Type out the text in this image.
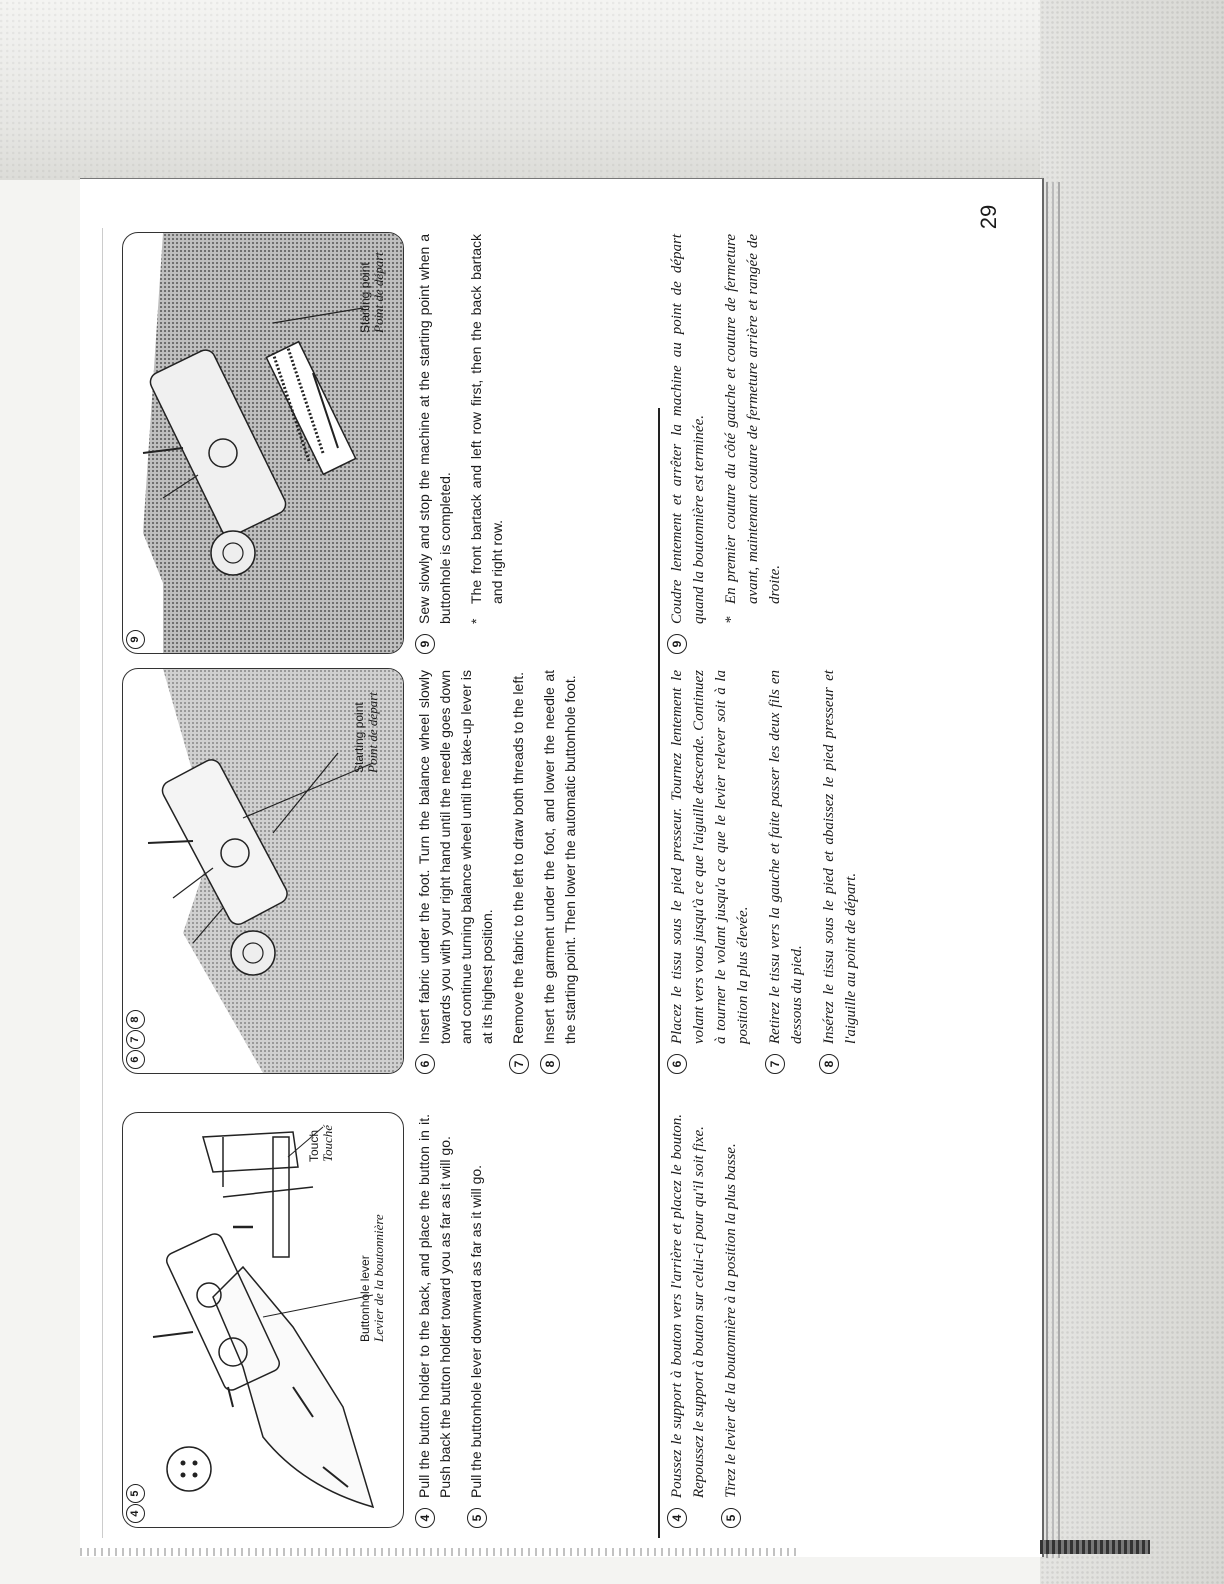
4
5
Buttonhole lever Levier de la boutonnière
Touch Touché
4
Pull the button holder to the back, and place the button in it. Push back the button holder toward you as far as it will go.
5
Pull the buttonhole lever downward as far as it will go.
4
Poussez le support à bouton vers l'arrière et placez le bouton. Repoussez le support à bouton sur celui-ci pour qu'il soit fixe.
5
Tirez le levier de la boutonnière à la position la plus basse.
6
7
8
Starting point Point de départ
6
Insert fabric under the foot. Turn the balance wheel slowly towards you with your right hand until the needle goes down and continue turning balance wheel until the take-up lever is at its highest position.
7
Remove the fabric to the left to draw both threads to the left.
8
Insert the garment under the foot, and lower the needle at the starting point. Then lower the automatic buttonhole foot.
6
Placez le tissu sous le pied presseur. Tournez lentement le volant vers vous jusqu'à ce que l'aiguille descende. Continuez à tourner le volant jusqu'a ce que le levier relever soit à la position la plus élevée.
7
Retirez le tissu vers la gauche et faite passer les deux fils en dessous du pied.
8
Insérez le tissu sous le pied et abaissez le pied presseur et l'aiguille au point de départ.
9
Starting point Point de départ
9
Sew slowly and stop the machine at the starting point when a buttonhole is completed. *
The front bartack and left row first, then the back bartack and right row.
9
Coudre lentement et arrêter la machine au point de départ quand la boutonnière est terminée. *
En premier couture du côté gauche et couture de fermeture avant, maintenant couture de fermeture arrière et rangée de droite.
29
